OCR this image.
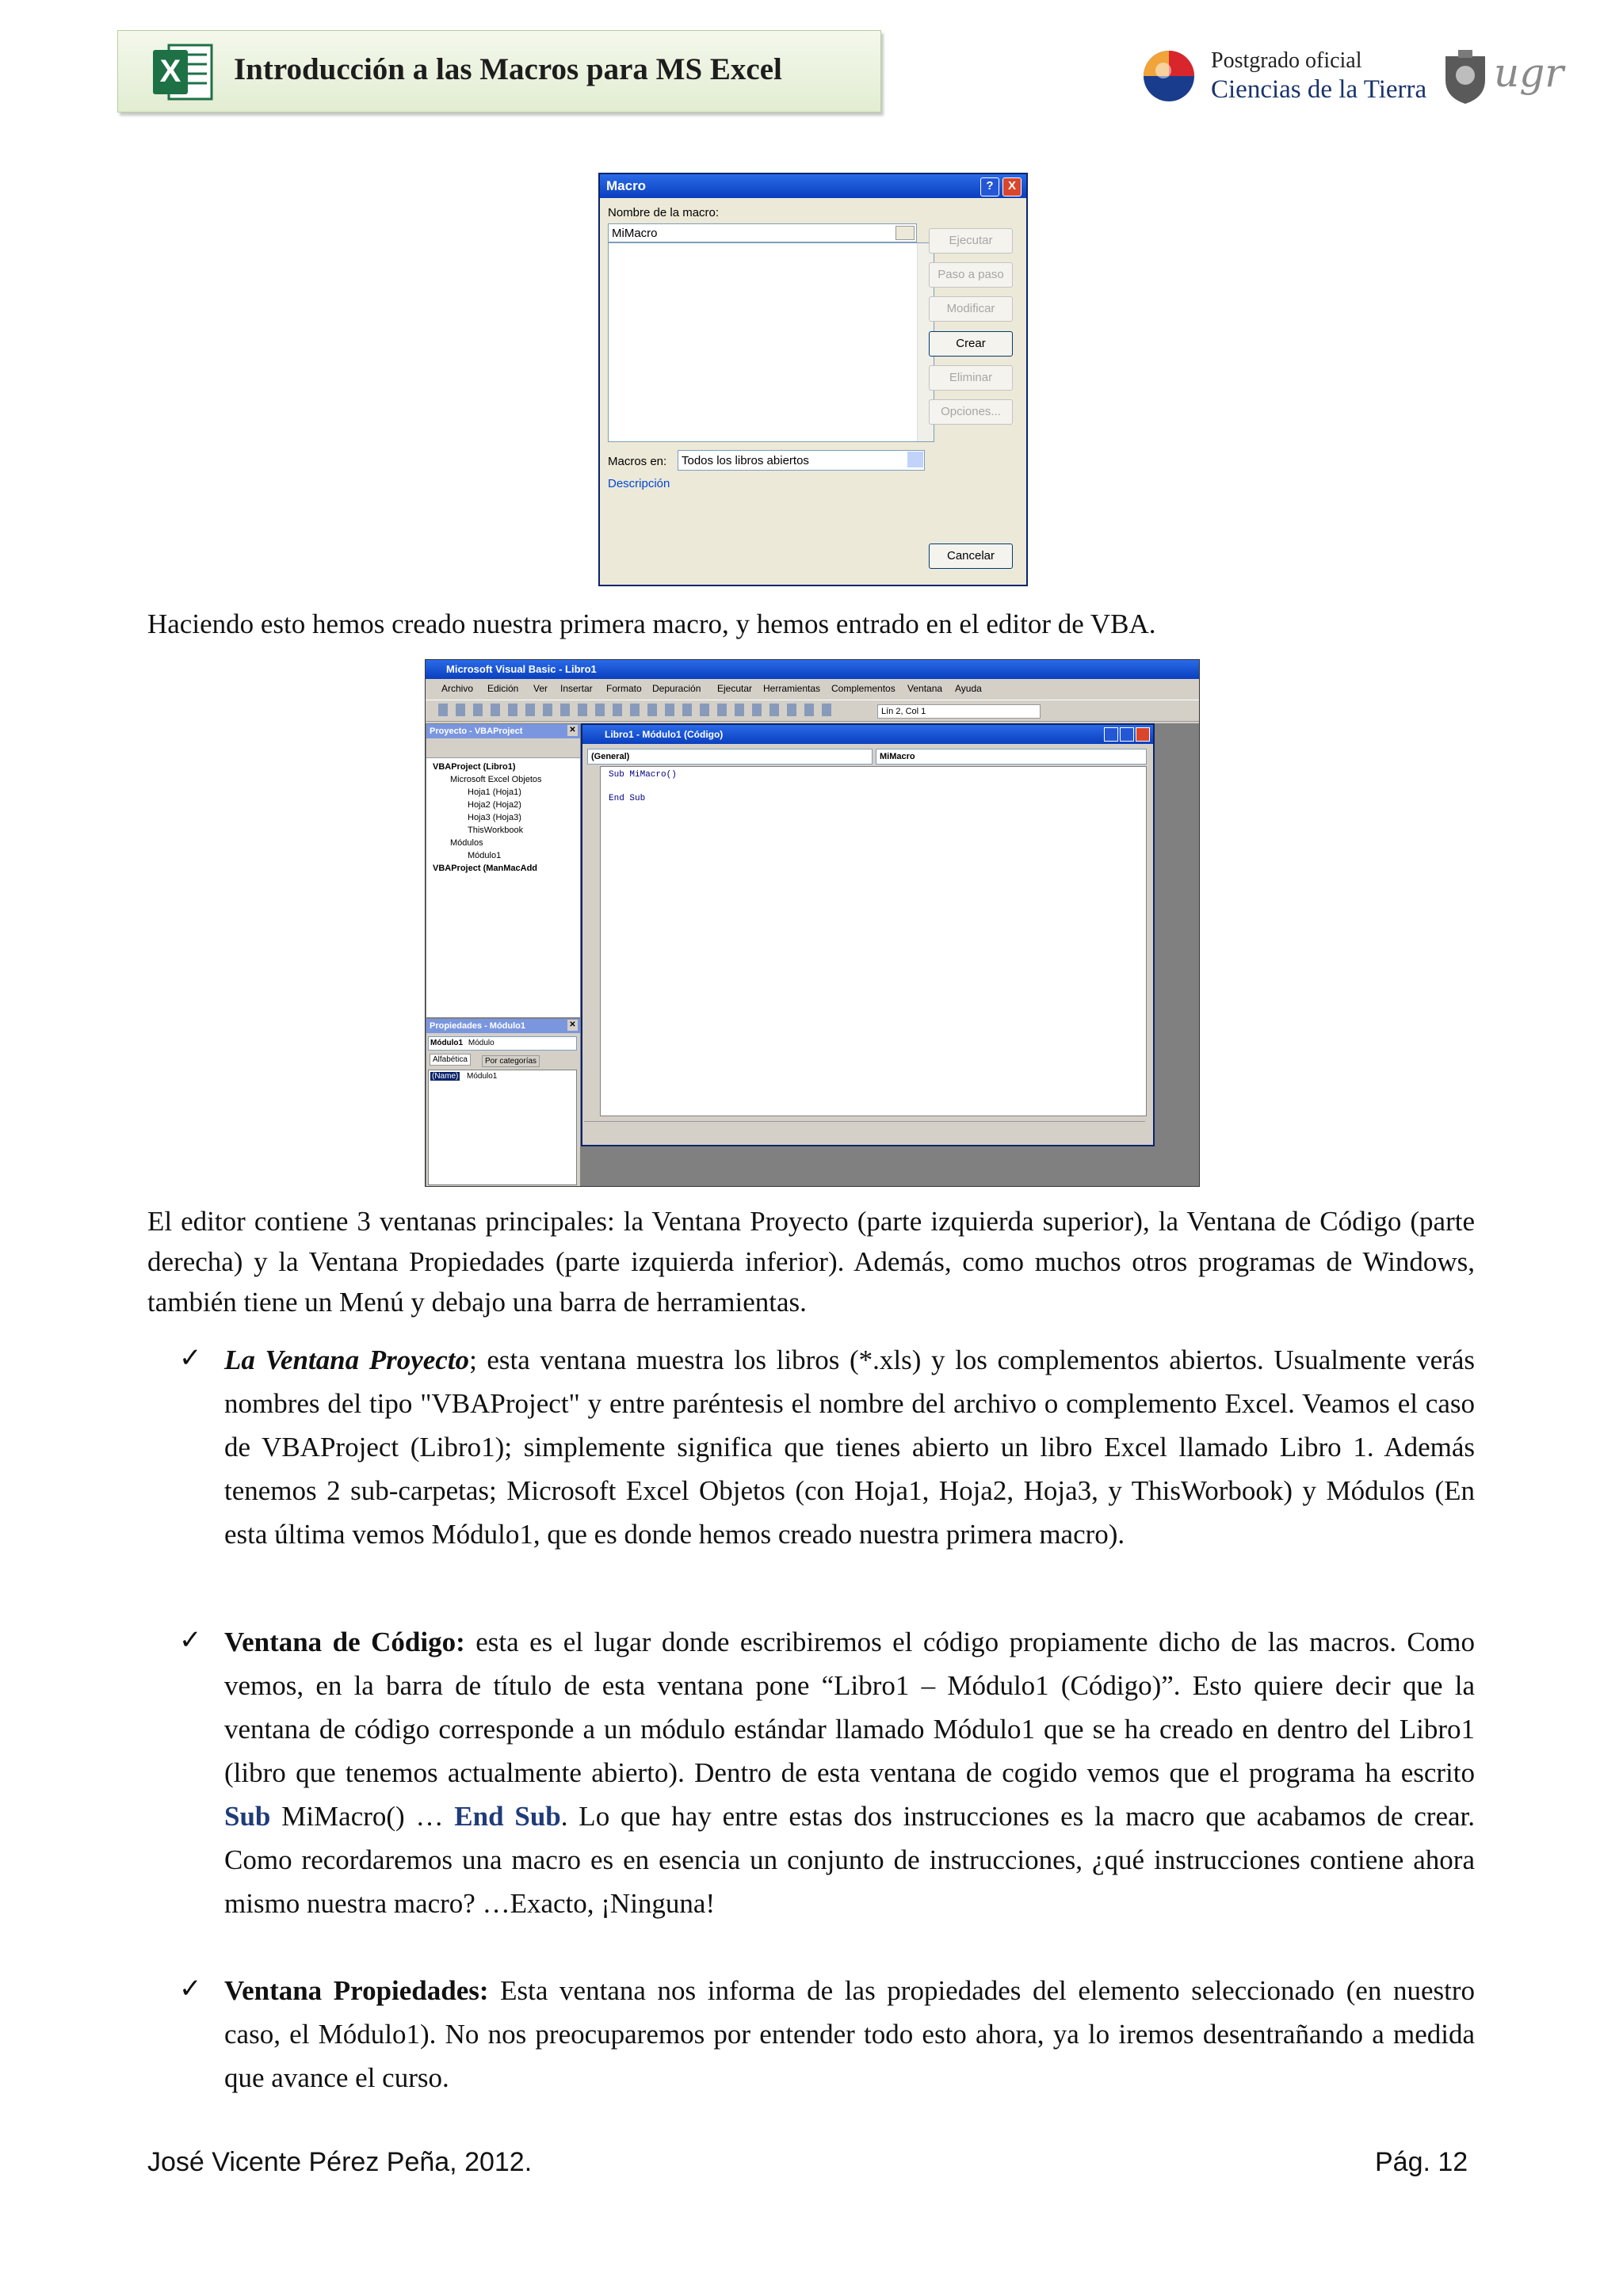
X Introducción a las Macros para MS Excel	Postgrado oficial
Ciencias de la Tierra ugr
Macro	?	X
Nombre de la macro:
MiMacro
Ejecutar
Paso a paso
Modificar
Crear
Eliminar
Opciones...
Macros en: Todos los libros abiertos
Descripción
Cancelar
Haciendo esto hemos creado nuestra primera macro, y hemos entrado en el editor de VBA.
Microsoft Visual Basic - Libro1
Archivo Edición Ver Insertar Formato Depuración Ejecutar Herramientas Complementos Ventana Ayuda
Lín 2, Col 1
Proyecto - VBAProject	✕
VBAProject (Libro1)
Microsoft Excel Objetos
Hoja1 (Hoja1)
Hoja2 (Hoja2)
Hoja3 (Hoja3)
ThisWorkbook
Módulos
Módulo1
VBAProject (ManMacAdd
Propiedades - Módulo1	✕
Módulo1 Módulo
Alfabética	Por categorías
(Name) Módulo1
Libro1 - Módulo1 (Código)
(General)	MiMacro
Sub MiMacro()
End Sub
El editor contiene 3 ventanas principales: la Ventana Proyecto (parte izquierda superior), la Ventana de Código (parte derecha) y la Ventana Propiedades (parte izquierda inferior). Además, como muchos otros programas de Windows, también tiene un Menú y debajo una barra de herramientas.
✓ La Ventana Proyecto; esta ventana muestra los libros (*.xls) y los complementos abiertos. Usualmente verás nombres del tipo "VBAProject" y entre paréntesis el nombre del archivo o complemento Excel. Veamos el caso de VBAProject (Libro1); simplemente significa que tienes abierto un libro Excel llamado Libro 1. Además tenemos 2 sub-carpetas; Microsoft Excel Objetos (con Hoja1, Hoja2, Hoja3, y ThisWorbook) y Módulos (En esta última vemos Módulo1, que es donde hemos creado nuestra primera macro).
✓ Ventana de Código: esta es el lugar donde escribiremos el código propiamente dicho de las macros. Como vemos, en la barra de título de esta ventana pone “Libro1 – Módulo1 (Código)”. Esto quiere decir que la ventana de código corresponde a un módulo estándar llamado Módulo1 que se ha creado en dentro del Libro1 (libro que tenemos actualmente abierto). Dentro de esta ventana de cogido vemos que el programa ha escrito Sub MiMacro() … End Sub. Lo que hay entre estas dos instrucciones es la macro que acabamos de crear. Como recordaremos una macro es en esencia un conjunto de instrucciones, ¿qué instrucciones contiene ahora mismo nuestra macro? …Exacto, ¡Ninguna!
✓ Ventana Propiedades: Esta ventana nos informa de las propiedades del elemento seleccionado (en nuestro caso, el Módulo1). No nos preocuparemos por entender todo esto ahora, ya lo iremos desentrañando a medida que avance el curso.
José Vicente Pérez Peña, 2012.	Pág. 12
